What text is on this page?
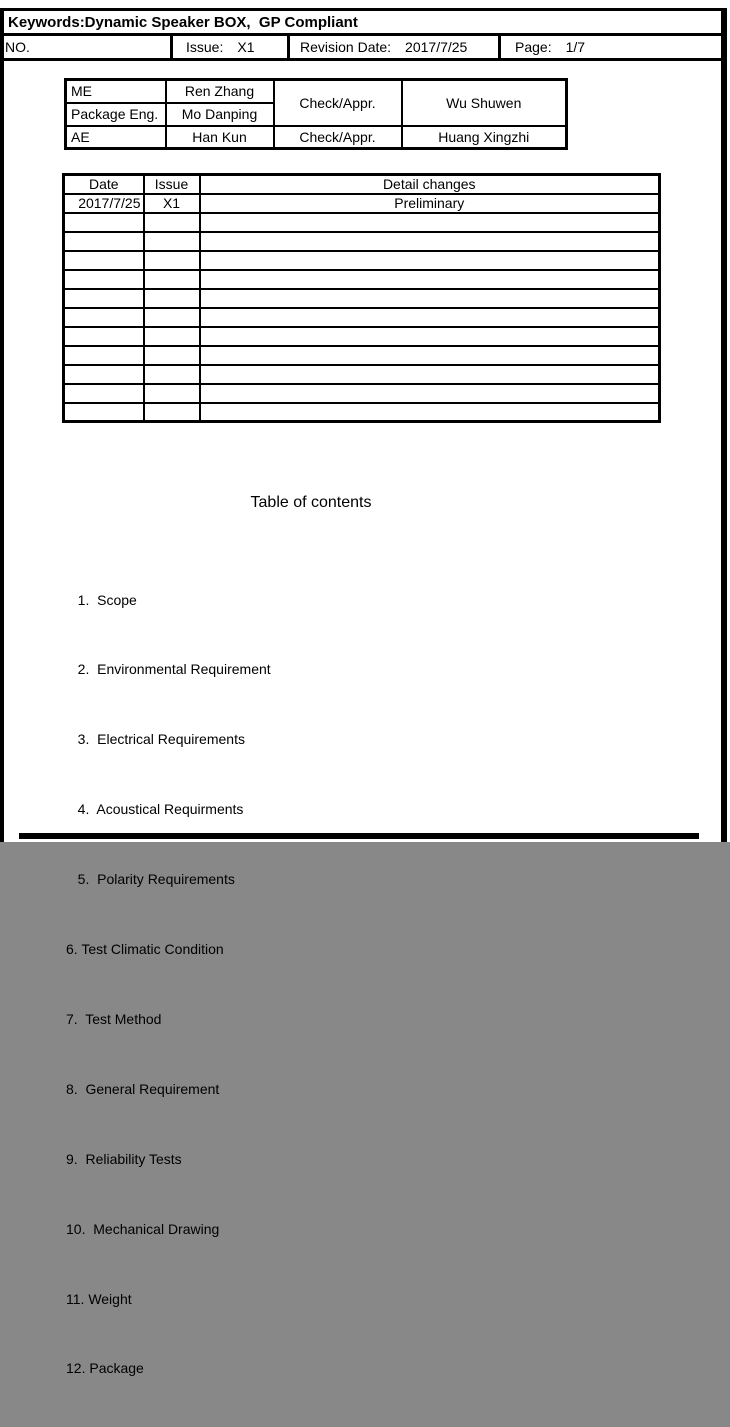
Keywords:Dynamic Speaker BOX,  GP Compliant
NO.	Issue: X1	Revision Date: 2017/7/25	Page: 1/7
ME	Ren Zhang	Check/Appr.	Wu Shuwen
Package Eng.	Mo Danping		
AE	Han Kun	Check/Appr.	Huang Xingzhi
Date	Issue	Detail changes
2017/7/25	X1	Preliminary

Table of contents

1.  Scope

2.  Environmental Requirement

3.  Electrical Requirements

4.  Acoustical Requirments

5.  Polarity Requirements

6. Test Climatic Condition

7.  Test Method

8.  General Requirement

9.  Reliability Tests

10.  Mechanical Drawing

11. Weight

12. Package
